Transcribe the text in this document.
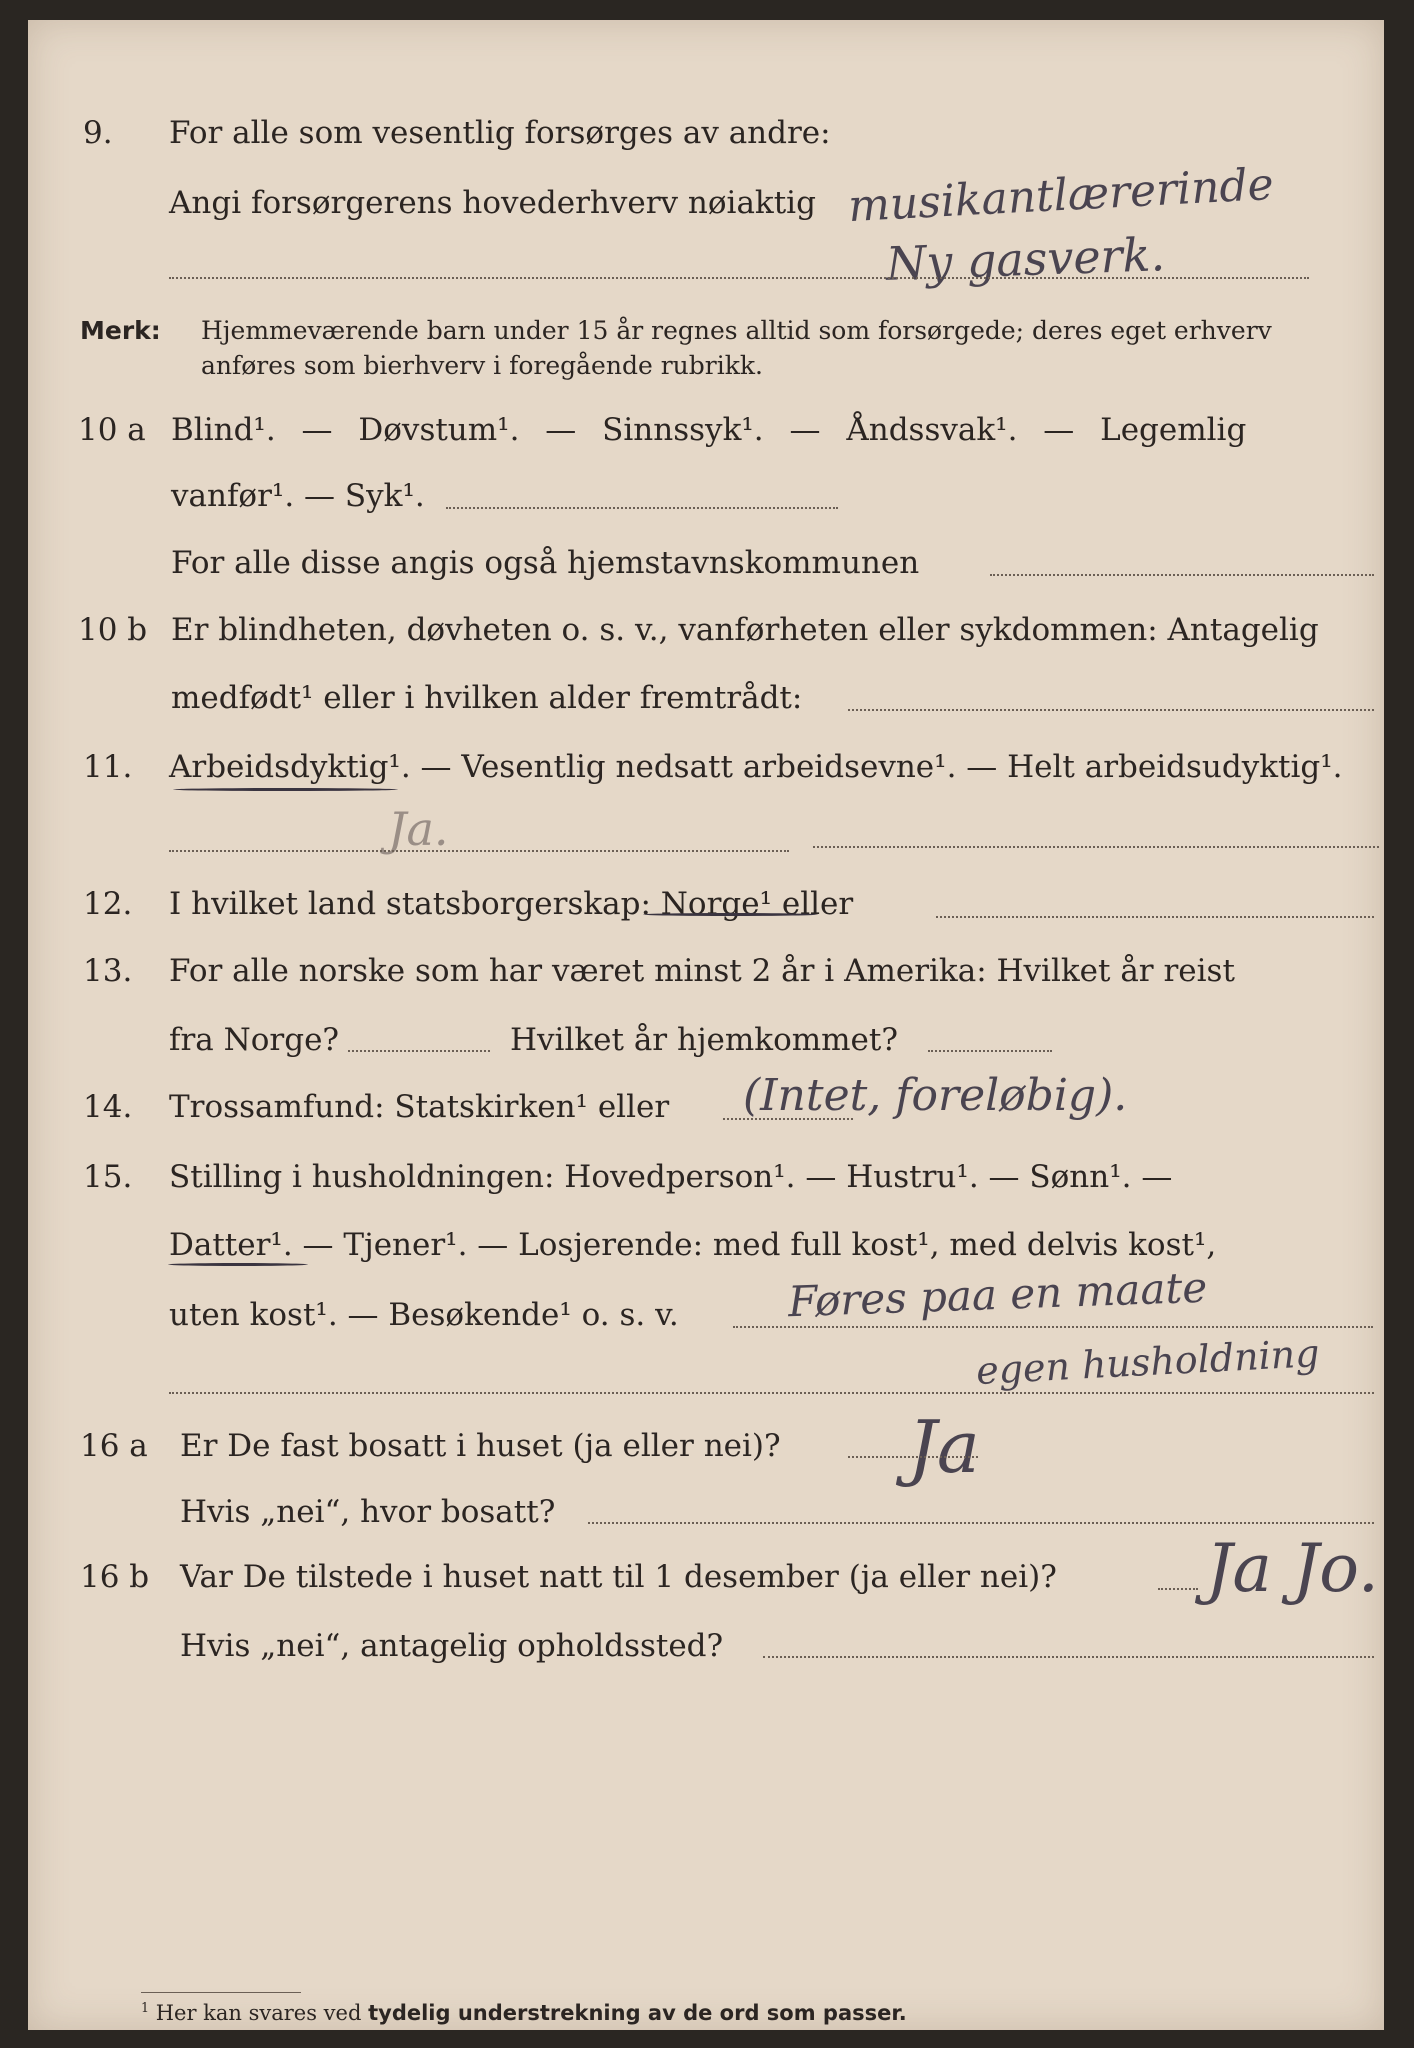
9. For alle som vesentlig forsørges av andre:
Angi forsørgerens hovederhverv nøiaktig musikantlærerinde
Ny gasverk.
Merk: Hjemmeværende barn under 15 år regnes alltid som forsørgede; deres eget erhverv
anføres som bierhverv i foregående rubrikk.
10 a Blind¹. — Døvstum¹. — Sinnssyk¹. — Åndssvak¹. — Legemlig
vanfør¹. — Syk¹.
For alle disse angis også hjemstavnskommunen
10 b Er blindheten, døvheten o. s. v., vanførheten eller sykdommen: Antagelig
medfødt¹ eller i hvilken alder fremtrådt:
11. Arbeidsdyktig¹. — Vesentlig nedsatt arbeidsevne¹. — Helt arbeidsudyktig¹.
Ja.
12. I hvilket land statsborgerskap: Norge¹ eller
13. For alle norske som har været minst 2 år i Amerika: Hvilket år reist
fra Norge?	Hvilket år hjemkommet?
14. Trossamfund: Statskirken¹ eller (Intet, foreløbig).
15. Stilling i husholdningen: Hovedperson¹. — Hustru¹. — Sønn¹. —
Datter¹. — Tjener¹. — Losjerende: med full kost¹, med delvis kost¹,
uten kost¹. — Besøkende¹ o. s. v.	Føres paa en maate
egen husholdning
16 a Er De fast bosatt i huset (ja eller nei)? Ja
Hvis „nei“, hvor bosatt?
16 b Var De tilstede i huset natt til 1 desember (ja eller nei)? Ja Jo.
Hvis „nei“, antagelig opholdssted?
$^1$ Her kan svares ved tydelig understrekning av de ord som passer.
